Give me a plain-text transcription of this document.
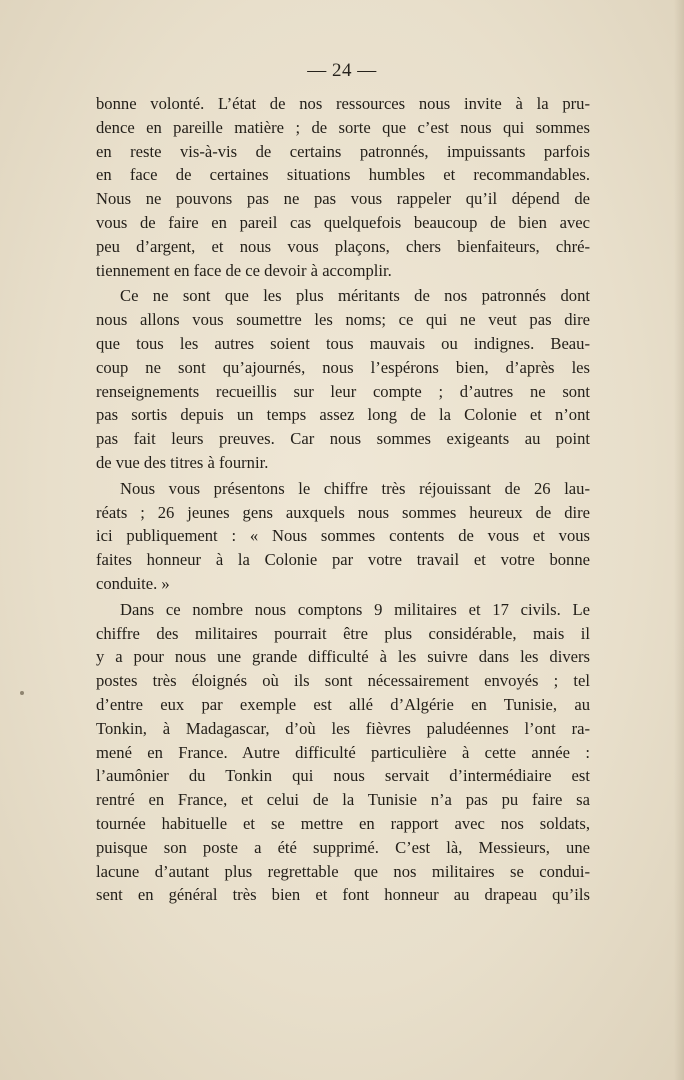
— 24 —
bonne volonté. L’état de nos ressources nous invite à la pru-
dence en pareille matière ; de sorte que c’est nous qui sommes
en reste vis-à-vis de certains patronnés, impuissants parfois
en face de certaines situations humbles et recommandables.
Nous ne pouvons pas ne pas vous rappeler qu’il dépend de
vous de faire en pareil cas quelquefois beaucoup de bien avec
peu d’argent, et nous vous plaçons, chers bienfaiteurs, chré-
tiennement en face de ce devoir à accomplir.
Ce ne sont que les plus méritants de nos patronnés dont
nous allons vous soumettre les noms; ce qui ne veut pas dire
que tous les autres soient tous mauvais ou indignes. Beau-
coup ne sont qu’ajournés, nous l’espérons bien, d’après les
renseignements recueillis sur leur compte ; d’autres ne sont
pas sortis depuis un temps assez long de la Colonie et n’ont
pas fait leurs preuves. Car nous sommes exigeants au point
de vue des titres à fournir.
Nous vous présentons le chiffre très réjouissant de 26 lau-
réats ; 26 jeunes gens auxquels nous sommes heureux de dire
ici publiquement : « Nous sommes contents de vous et vous
faites honneur à la Colonie par votre travail et votre bonne
conduite. »
Dans ce nombre nous comptons 9 militaires et 17 civils. Le
chiffre des militaires pourrait être plus considérable, mais il
y a pour nous une grande difficulté à les suivre dans les divers
postes très éloignés où ils sont nécessairement envoyés ; tel
d’entre eux par exemple est allé d’Algérie en Tunisie, au
Tonkin, à Madagascar, d’où les fièvres paludéennes l’ont ra-
mené en France. Autre difficulté particulière à cette année :
l’aumônier du Tonkin qui nous servait d’intermédiaire est
rentré en France, et celui de la Tunisie n’a pas pu faire sa
tournée habituelle et se mettre en rapport avec nos soldats,
puisque son poste a été supprimé. C’est là, Messieurs, une
lacune d’autant plus regrettable que nos militaires se condui-
sent en général très bien et font honneur au drapeau qu’ils
